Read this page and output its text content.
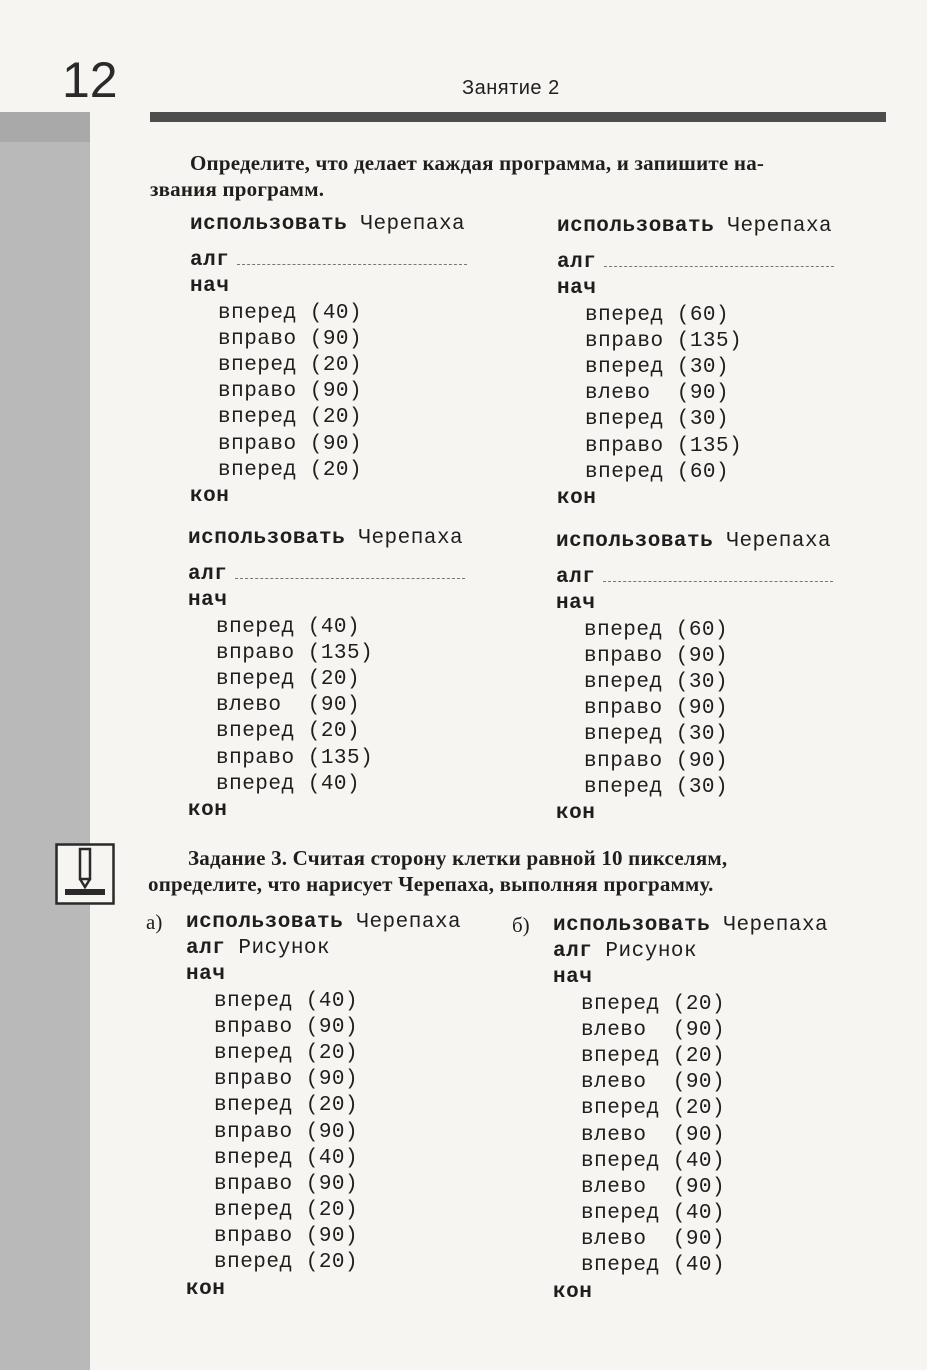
12	Занятие 2
Определите, что делает каждая программа, и запишите на-
звания программ.
использовать Черепаха
алг
нач
вперед (40)
вправо (90)
вперед (20)
вправо (90)
вперед (20)
вправо (90)
вперед (20)
кон
использовать Черепаха
алг
нач
вперед (60)
вправо (135)
вперед (30)
влево  (90)
вперед (30)
вправо (135)
вперед (60)
кон
использовать Черепаха
алг
нач
вперед (40)
вправо (135)
вперед (20)
влево  (90)
вперед (20)
вправо (135)
вперед (40)
кон
использовать Черепаха
алг
нач
вперед (60)
вправо (90)
вперед (30)
вправо (90)
вперед (30)
вправо (90)
вперед (30)
кон
Задание 3. Считая сторону клетки равной 10 пикселям,
определите, что нарисует Черепаха, выполняя программу.
а) использовать Черепаха
алг Рисунок
нач
вперед (40)
вправо (90)
вперед (20)
вправо (90)
вперед (20)
вправо (90)
вперед (40)
вправо (90)
вперед (20)
вправо (90)
вперед (20)
кон
б) использовать Черепаха
алг Рисунок
нач
вперед (20)
влево  (90)
вперед (20)
влево  (90)
вперед (20)
влево  (90)
вперед (40)
влево  (90)
вперед (40)
влево  (90)
вперед (40)
кон
